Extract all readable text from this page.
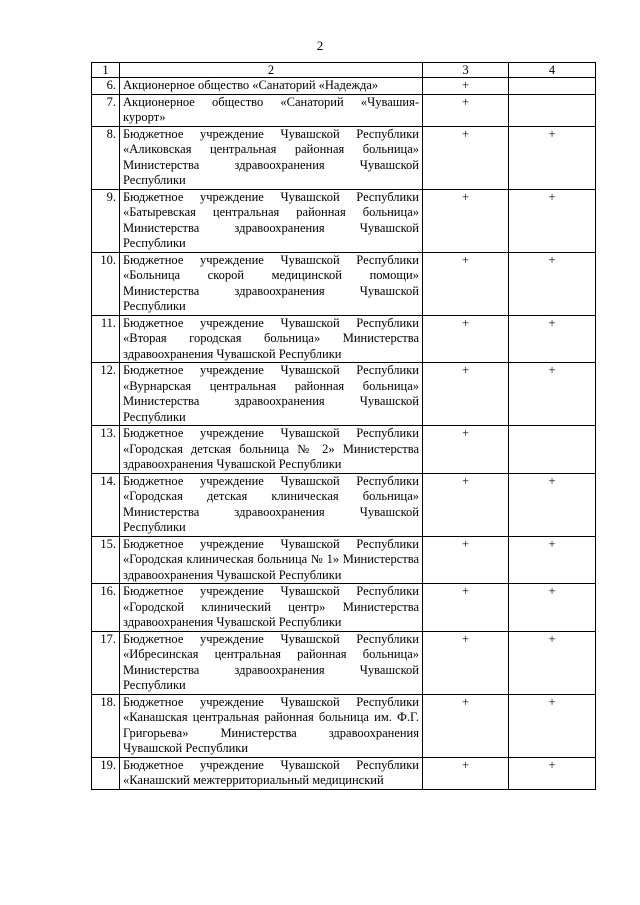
2
1	2	3	4
6.	Акционерное общество «Санаторий «Надежда»	+	
7.	Акционерное общество «Санаторий «Чувашия-курорт»	+	
8.	Бюджетное учреждение Чувашской Республики «Аликовская центральная районная больница» Министерства здравоохранения Чувашской Республики	+	+
9.	Бюджетное учреждение Чувашской Республики «Батыревская центральная районная больница» Министерства здравоохранения Чувашской Республики	+	+
10.	Бюджетное учреждение Чувашской Республики «Больница скорой медицинской помощи» Министерства здравоохранения Чувашской Республики	+	+
11.	Бюджетное учреждение Чувашской Республики «Вторая городская больница» Министерства здравоохранения Чувашской Республики	+	+
12.	Бюджетное учреждение Чувашской Республики «Вурнарская центральная районная больница» Министерства здравоохранения Чувашской Республики	+	+
13.	Бюджетное учреждение Чувашской Республики «Городская детская больница № 2» Министерства здравоохранения Чувашской Республики	+	
14.	Бюджетное учреждение Чувашской Республики «Городская детская клиническая больница» Министерства здравоохранения Чувашской Республики	+	+
15.	Бюджетное учреждение Чувашской Республики «Городская клиническая больница № 1» Министерства здравоохранения Чувашской Республики	+	+
16.	Бюджетное учреждение Чувашской Республики «Городской клинический центр» Министерства здравоохранения Чувашской Республики	+	+
17.	Бюджетное учреждение Чувашской Республики «Ибресинская центральная районная больница» Министерства здравоохранения Чувашской Республики	+	+
18.	Бюджетное учреждение Чувашской Республики «Канашская центральная районная больница им. Ф.Г. Григорьева» Министерства здравоохранения Чувашской Республики	+	+
19.	Бюджетное учреждение Чувашской Республики «Канашский межтерриториальный медицинский	+	+
